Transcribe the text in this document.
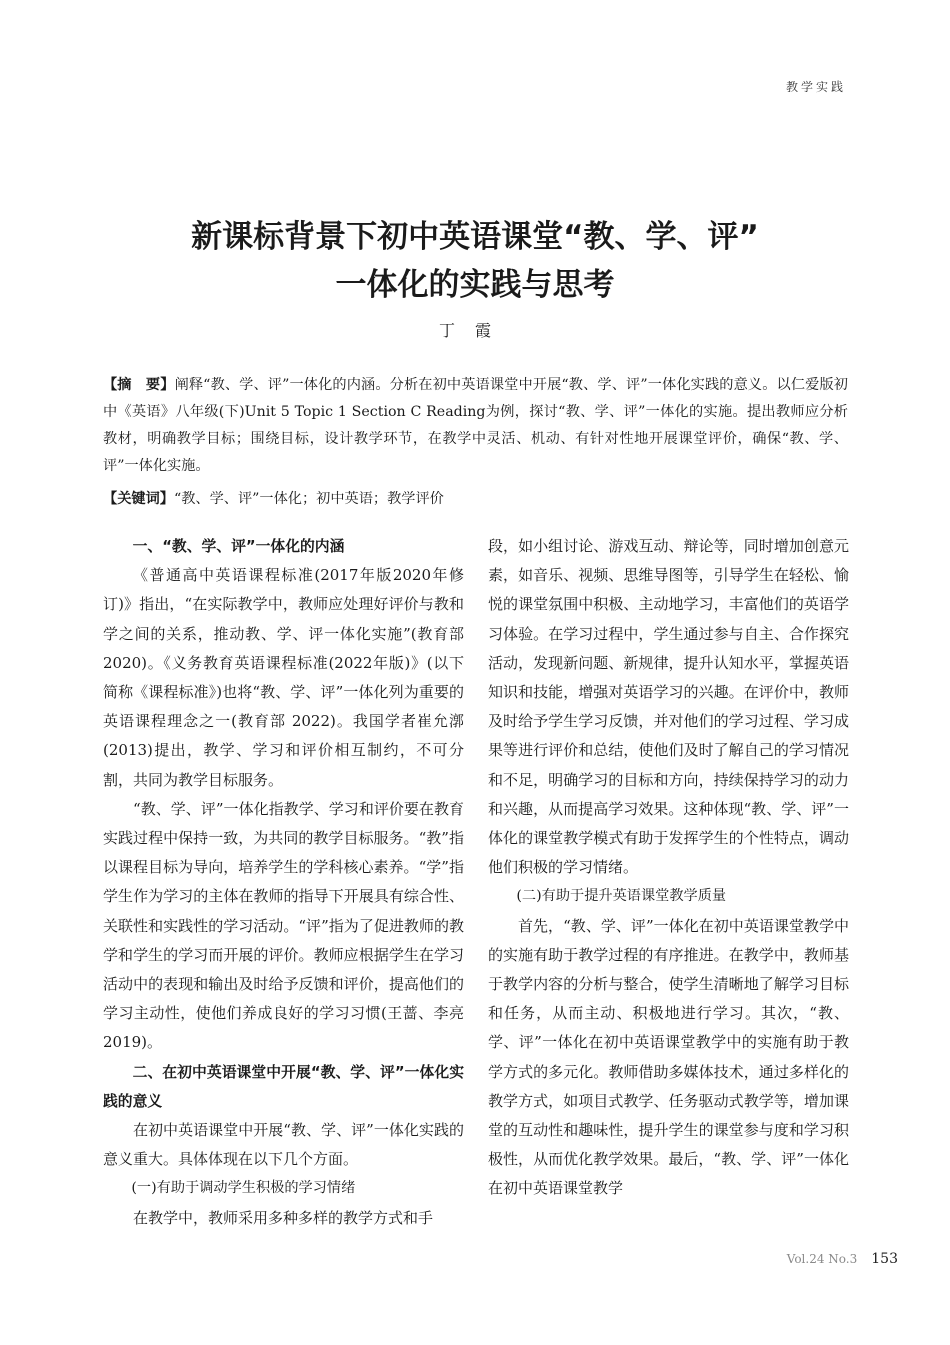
教学实践
新课标背景下初中英语课堂“教、学、评”
一体化的实践与思考
丁霞
【摘　要】阐释“教、学、评”一体化的内涵。分析在初中英语课堂中开展“教、学、评”一体化实践的意义。以仁爱版初中《英语》八年级(下)Unit 5 Topic 1 Section C Reading为例，探讨“教、学、评”一体化的实施。提出教师应分析教材，明确教学目标；围绕目标，设计教学环节，在教学中灵活、机动、有针对性地开展课堂评价，确保“教、学、评”一体化实施。
【关键词】“教、学、评”一体化；初中英语；教学评价

一、“教、学、评”一体化的内涵

《普通高中英语课程标准(2017年版2020年修订)》指出，“在实际教学中，教师应处理好评价与教和学之间的关系，推动教、学、评一体化实施”(教育部 2020)。《义务教育英语课程标准(2022年版)》(以下简称《课程标准》)也将“教、学、评”一体化列为重要的英语课程理念之一(教育部 2022)。我国学者崔允漷(2013)提出，教学、学习和评价相互制约，不可分割，共同为教学目标服务。

“教、学、评”一体化指教学、学习和评价要在教育实践过程中保持一致，为共同的教学目标服务。“教”指以课程目标为导向，培养学生的学科核心素养。“学”指学生作为学习的主体在教师的指导下开展具有综合性、关联性和实践性的学习活动。“评”指为了促进教师的教学和学生的学习而开展的评价。教师应根据学生在学习活动中的表现和输出及时给予反馈和评价，提高他们的学习主动性，使他们养成良好的学习习惯(王蔷、李亮 2019)。

二、在初中英语课堂中开展“教、学、评”一体化实践的意义

在初中英语课堂中开展“教、学、评”一体化实践的意义重大。具体体现在以下几个方面。

(一)有助于调动学生积极的学习情绪

在教学中，教师采用多种多样的教学方式和手

段，如小组讨论、游戏互动、辩论等，同时增加创意元素，如音乐、视频、思维导图等，引导学生在轻松、愉悦的课堂氛围中积极、主动地学习，丰富他们的英语学习体验。在学习过程中，学生通过参与自主、合作探究活动，发现新问题、新规律，提升认知水平，掌握英语知识和技能，增强对英语学习的兴趣。在评价中，教师及时给予学生学习反馈，并对他们的学习过程、学习成果等进行评价和总结，使他们及时了解自己的学习情况和不足，明确学习的目标和方向，持续保持学习的动力和兴趣，从而提高学习效果。这种体现“教、学、评”一体化的课堂教学模式有助于发挥学生的个性特点，调动他们积极的学习情绪。

(二)有助于提升英语课堂教学质量

首先，“教、学、评”一体化在初中英语课堂教学中的实施有助于教学过程的有序推进。在教学中，教师基于教学内容的分析与整合，使学生清晰地了解学习目标和任务，从而主动、积极地进行学习。其次，“教、学、评”一体化在初中英语课堂教学中的实施有助于教学方式的多元化。教师借助多媒体技术，通过多样化的教学方式，如项目式教学、任务驱动式教学等，增加课堂的互动性和趣味性，提升学生的课堂参与度和学习积极性，从而优化教学效果。最后，“教、学、评”一体化在初中英语课堂教学

Vol.24 No.3 153
